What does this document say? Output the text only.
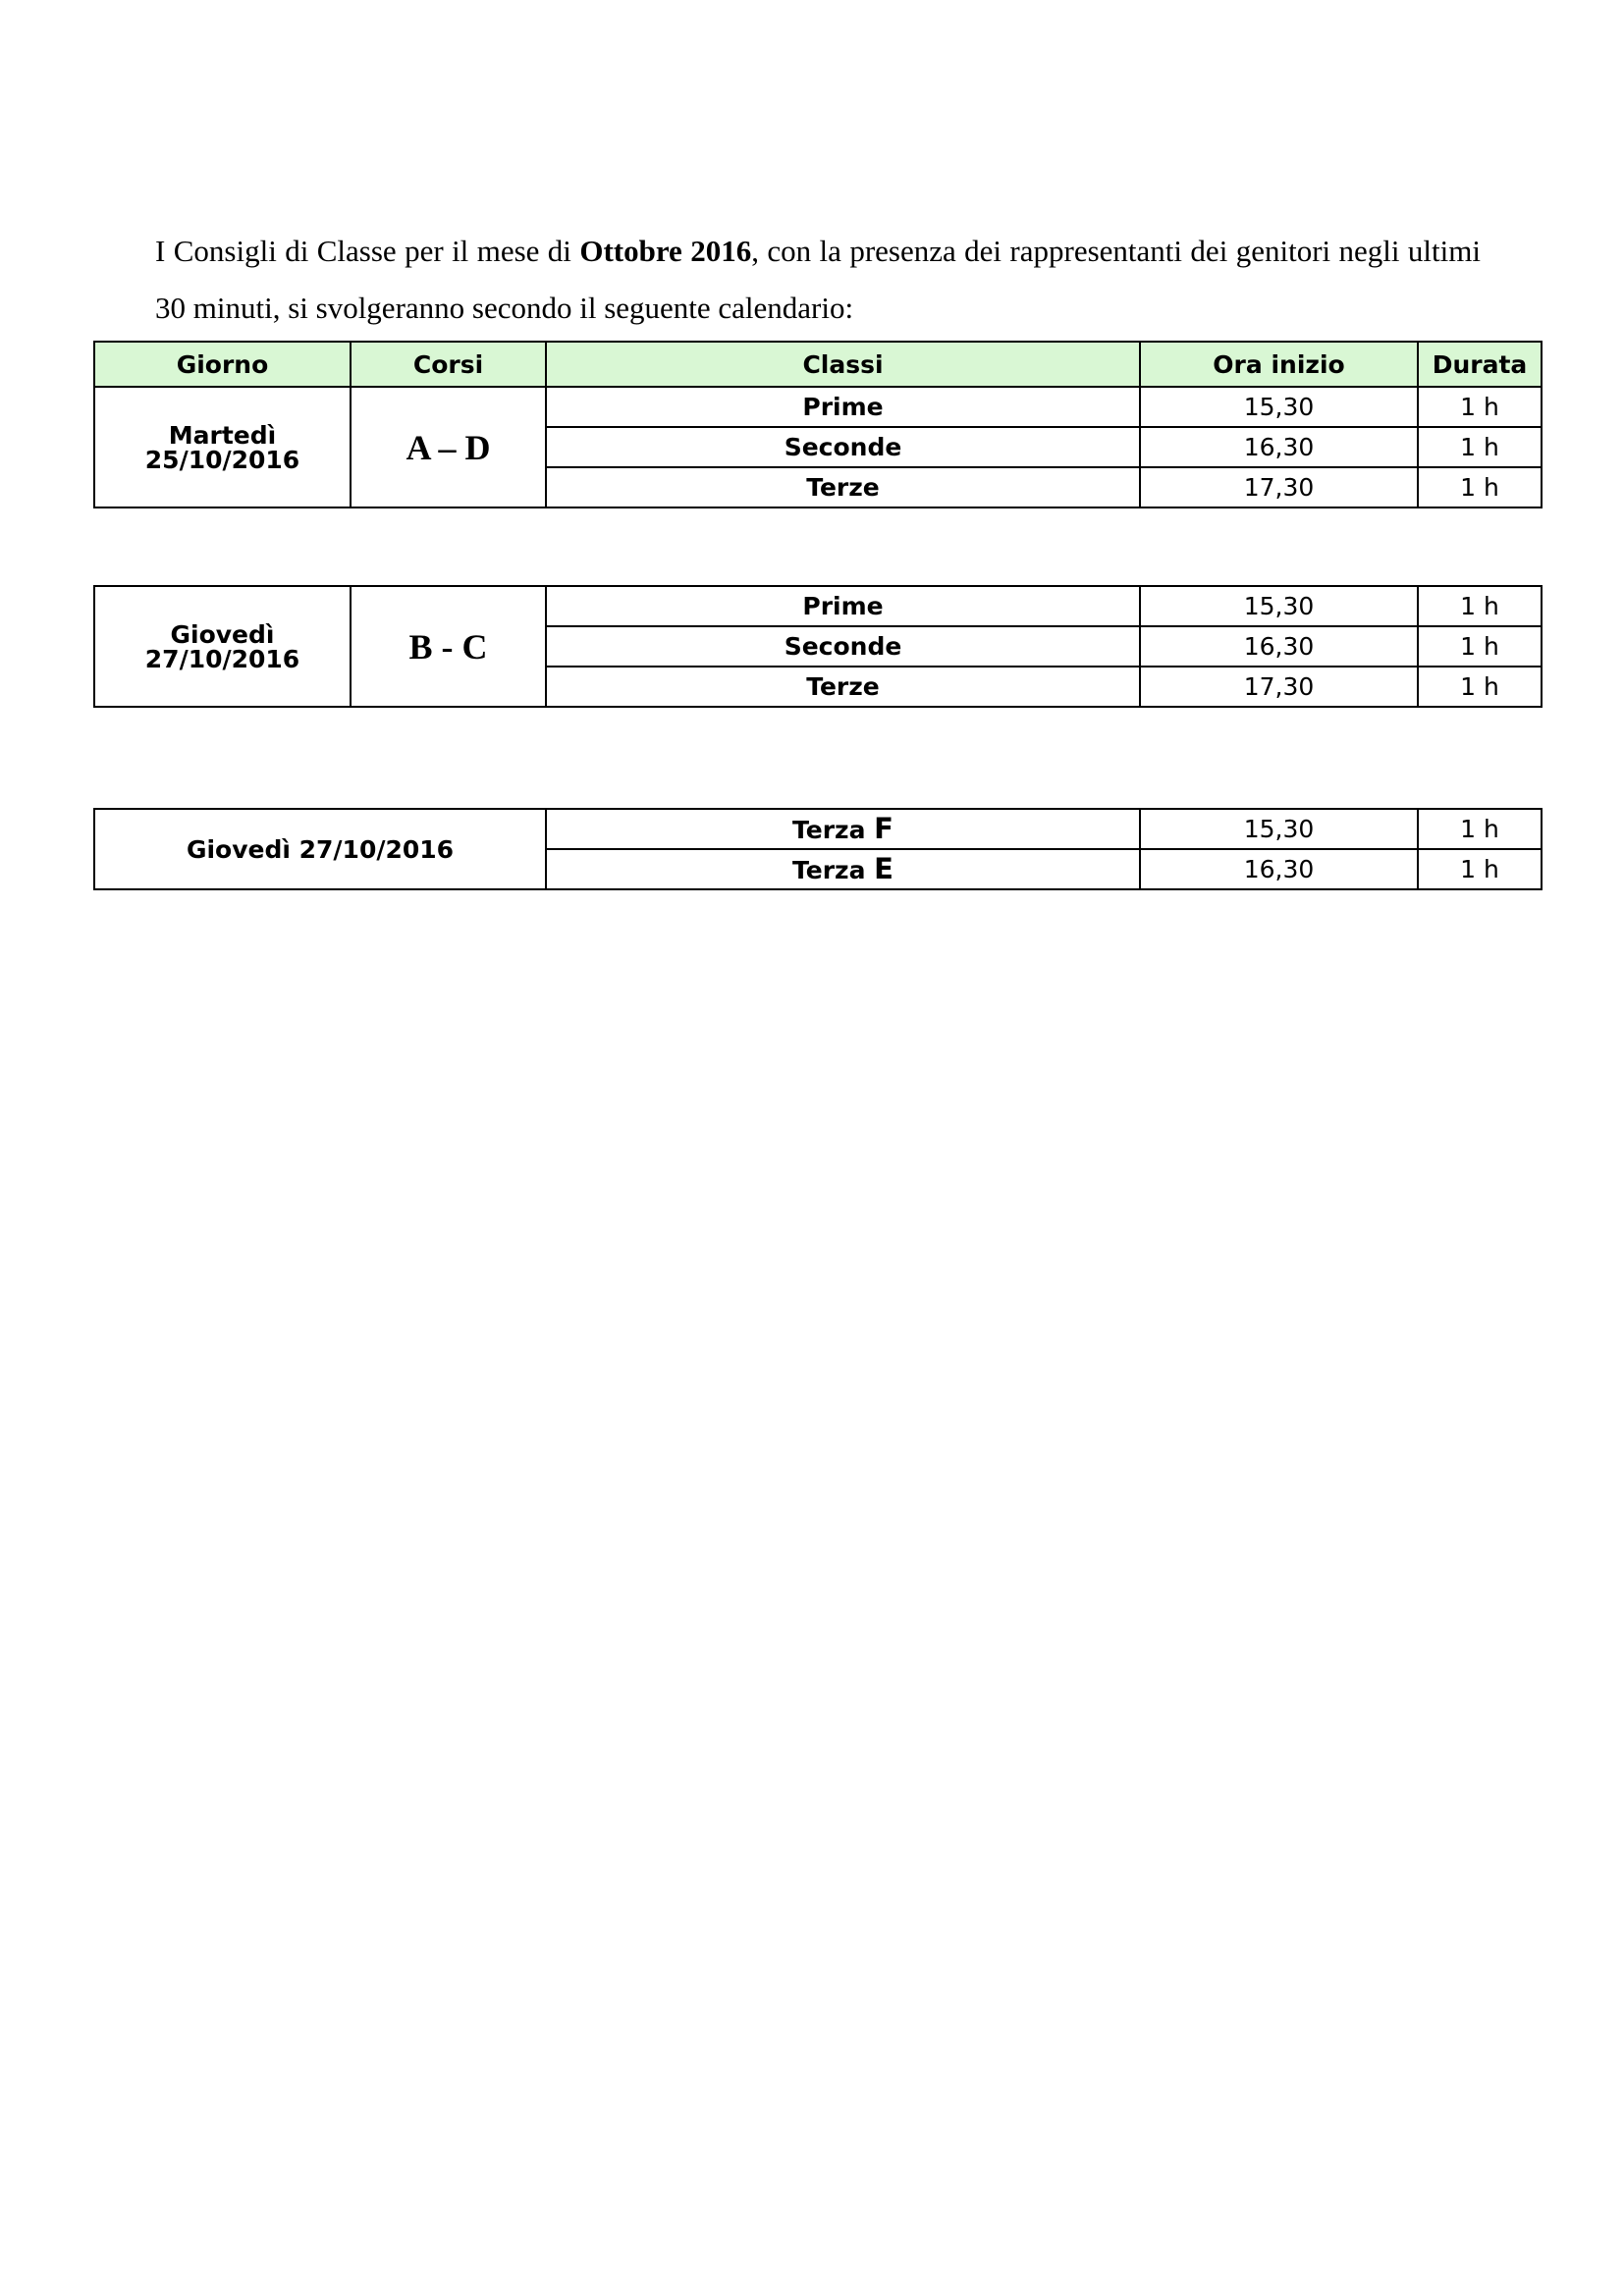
I Consigli di Classe per il mese di Ottobre 2016, con la presenza dei rappresentanti dei genitori negli ultimi 30 minuti, si svolgeranno secondo il seguente calendario:

Giorno	Corsi	Classi	Ora inizio	Durata
Martedì
25/10/2016	A – D	Prime	15,30	1 h
		Seconde	16,30	1 h
		Terze	17,30	1 h
Giovedì
27/10/2016	B - C	Prime	15,30	1 h
		Seconde	16,30	1 h
		Terze	17,30	1 h
Giovedì 27/10/2016	Terza F	15,30	1 h
	Terza E	16,30	1 h
